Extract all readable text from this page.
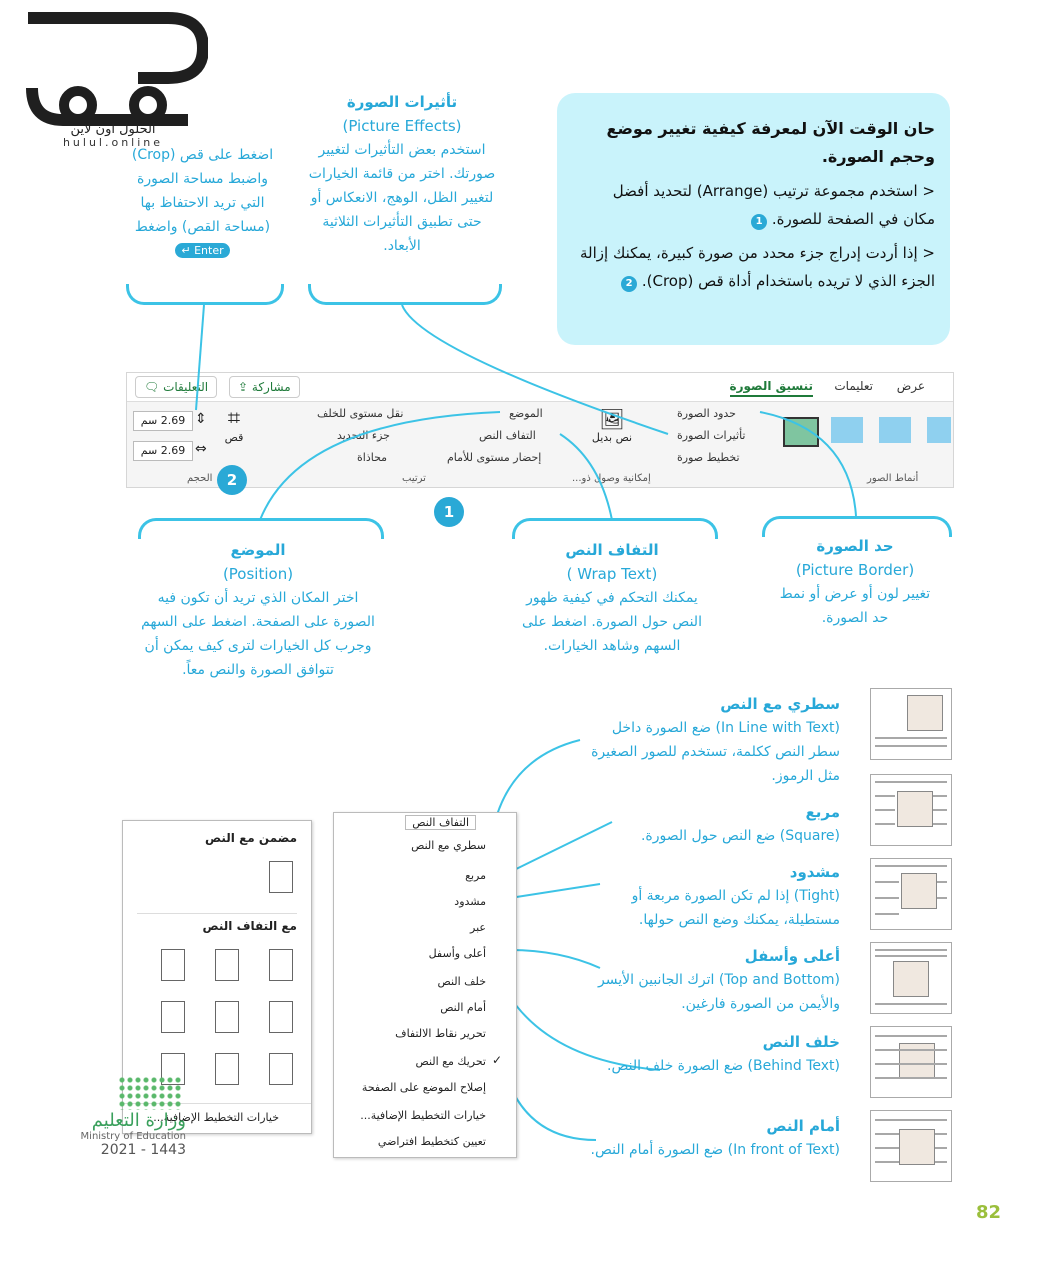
الحلول اون لاين
hulul.online
اضغط على قص (Crop) واضبط مساحة الصورة التي تريد الاحتفاظ بها (مساحة القص) واضغط
Enter ↵
تأثيرات الصورة
(Picture Effects)
استخدم بعض التأثيرات لتغيير صورتك. اختر من قائمة الخيارات لتغيير الظل، الوهج، الانعكاس أو حتى تطبيق التأثيرات الثلاثية الأبعاد.

حان الوقت الآن لمعرفة كيفية تغيير موضع وحجم الصورة.

< استخدم مجموعة ترتيب (Arrange) لتحديد أفضل مكان في الصفحة للصورة. 1

< إذا أردت إدراج جزء محدد من صورة كبيرة، يمكنك إزالة الجزء الذي لا تريده باستخدام أداة قص (Crop). 2

عرض
تعليمات
تنسيق الصورة
⇪ مشاركة
🗨 التعليقات
2.69 سم
2.69 سم
⇕
⇔
⌗
قص
الحجم
نقل مستوى للخلف
جزء التحديد
محاذاة
الموضع
التفاف النص
إحضار مستوى للأمام
ترتيب
🖼
نص بديل
إمكانية وصول ذو...
حدود الصورة
تأثيرات الصورة
تخطيط صورة
أنماط الصور
2
1
الموضع
(Position)
اختر المكان الذي تريد أن تكون فيه الصورة على الصفحة. اضغط على السهم وجرب كل الخيارات لترى كيف يمكن أن تتوافق الصورة والنص معاً.
التفاف النص
(Wrap Text )
يمكنك التحكم في كيفية ظهور النص حول الصورة. اضغط على السهم وشاهد الخيارات.
حد الصورة
(Picture Border)
تغيير لون أو عرض أو نمط حد الصورة.
مضمن مع النص
مع التفاف النص
خيارات التخطيط الإضافية...
التفاف النص
سطري مع النص
مربع
مشدود
عبر
أعلى وأسفل
خلف النص
أمام النص
تحرير نقاط الالتفاف
تحريك مع النص
إصلاح الموضع على الصفحة
خيارات التخطيط الإضافية...
تعيين كتخطيط افتراضي
✓
سطري مع النص
(In Line with Text) ضع الصورة داخل سطر النص ككلمة، تستخدم للصور الصغيرة مثل الرموز.
مربع
(Square) ضع النص حول الصورة.
مشدود
(Tight) إذا لم تكن الصورة مربعة أو مستطيلة، يمكنك وضع النص حولها.
أعلى وأسفل
(Top and Bottom) اترك الجانبين الأيسر والأيمن من الصورة فارغين.
خلف النص
(Behind Text) ضع الصورة خلف النص.
أمام النص
(In front of Text) ضع الصورة أمام النص.
وزارة التعليم
Ministry of Education
2021 - 1443
82
